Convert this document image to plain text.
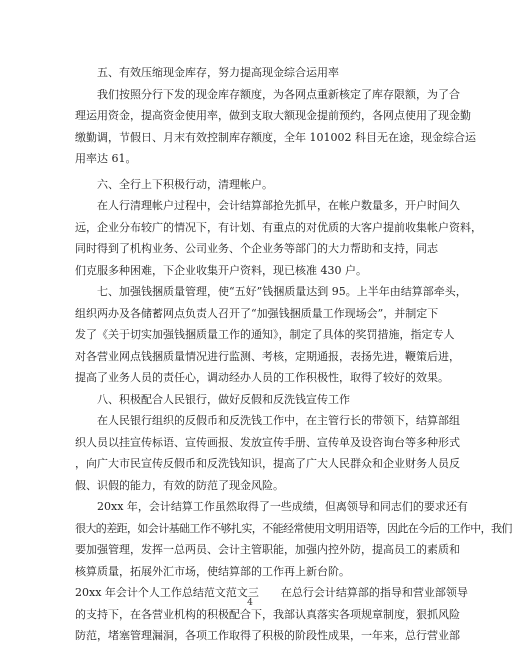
五、有效压缩现金库存，努力提高现金综合运用率
我们按照分行下发的现金库存额度，为各网点重新核定了库存限额，为了合
理运用资金，提高资金使用率，做到支取大额现金提前预约，各网点使用了现金勤
缴勤调，节假日、月末有效控制库存额度，全年 101002 科目无在途，现金综合运
用率达 61。
六、全行上下积极行动，清理帐户。
在人行清理帐户过程中，会计结算部抢先抓早，在帐户数量多，开户时间久
远，企业分布较广的情况下，有计划、有重点的对优质的大客户提前收集帐户资料，
同时得到了机构业务、公司业务、个企业务等部门的大力帮助和支持，同志
们克服多种困难，下企业收集开户资料，现已核准 430 户。
七、加强钱捆质量管理，使“五好”钱捆质量达到 95。上半年由结算部牵头，
组织两办及各储蓄网点负责人召开了“加强钱捆质量工作现场会”，并制定下
发了《关于切实加强钱捆质量工作的通知》，制定了具体的奖罚措施，指定专人
对各营业网点钱捆质量情况进行监测、考核，定期通报，表扬先进，鞭策后进，
提高了业务人员的责任心，调动经办人员的工作积极性，取得了较好的效果。
八、积极配合人民银行，做好反假和反洗钱宣传工作
在人民银行组织的反假币和反洗钱工作中，在主管行长的带领下，结算部组
织人员以挂宣传标语、宣传画报、发放宣传手册、宣传单及设咨询台等多种形式
，向广大市民宣传反假币和反洗钱知识，提高了广大人民群众和企业财务人员反
假、识假的能力，有效的防范了现金风险。
20xx 年，会计结算工作虽然取得了一些成绩，但离领导和同志们的要求还有
很大的差距，如会计基础工作不够扎实，不能经常使用文明用语等，因此在今后的工作中，我们
要加强管理，发挥一总两员、会计主管职能，加强内控外防，提高员工的素质和
核算质量，拓展外汇市场，使结算部的工作再上新台阶。
20xx 年会计个人工作总结范文范文三　　在总行会计结算部的指导和营业部领导
的支持下，在各营业机构的积极配合下，我部认真落实各项规章制度，狠抓风险
防范，堵塞管理漏洞，各项工作取得了积极的阶段性成果，一年来，总行营业部
4
